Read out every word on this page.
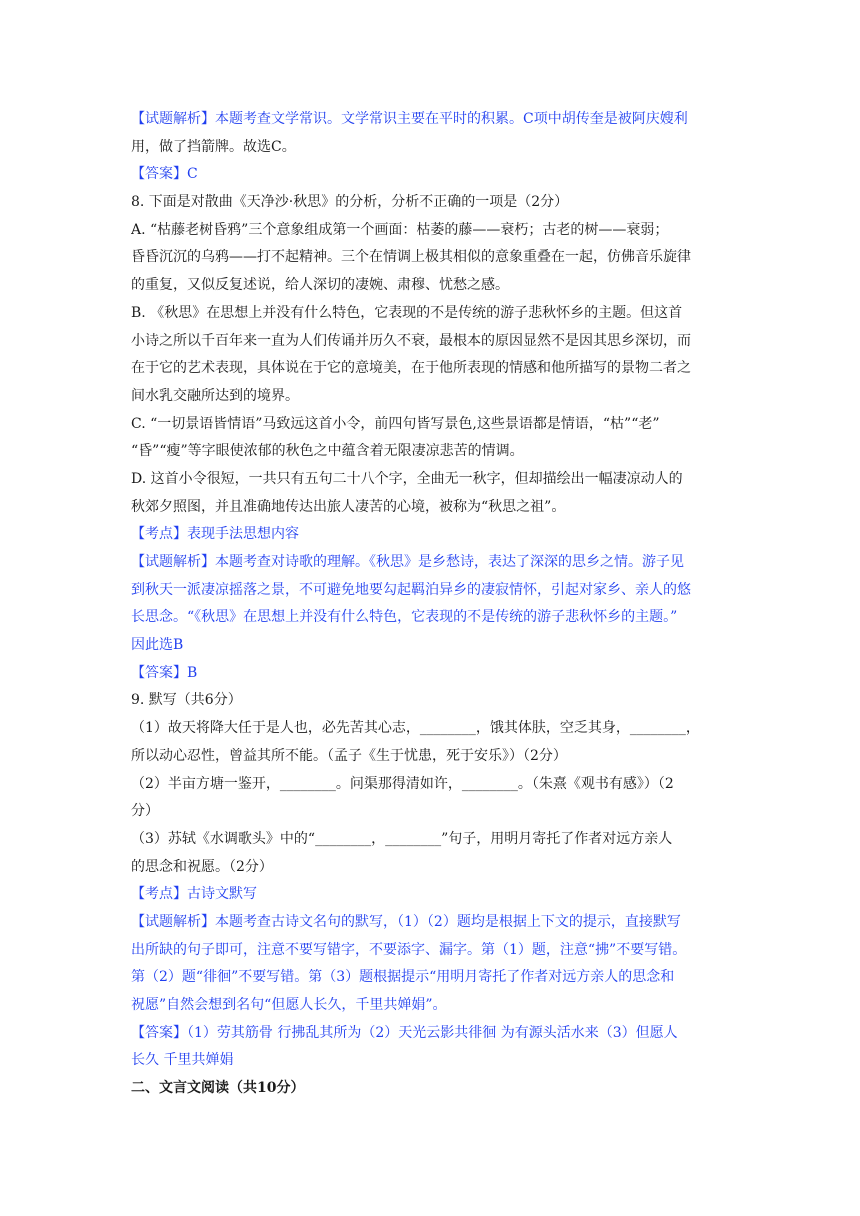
【试题解析】本题考查文学常识。文学常识主要在平时的积累。C项中胡传奎是被阿庆嫂利
用，做了挡箭牌。故选C。
【答案】C
8. 下面是对散曲《天净沙·秋思》的分析，分析不正确的一项是（2分）
A. “枯藤老树昏鸦”三个意象组成第一个画面：枯萎的藤——衰朽；古老的树——衰弱；
昏昏沉沉的乌鸦——打不起精神。三个在情调上极其相似的意象重叠在一起，仿佛音乐旋律
的重复，又似反复述说，给人深切的凄婉、肃穆、忧愁之感。
B. 《秋思》在思想上并没有什么特色，它表现的不是传统的游子悲秋怀乡的主题。但这首
小诗之所以千百年来一直为人们传诵并历久不衰，最根本的原因显然不是因其思乡深切，而
在于它的艺术表现，具体说在于它的意境美，在于他所表现的情感和他所描写的景物二者之
间水乳交融所达到的境界。
C. “一切景语皆情语”马致远这首小令，前四句皆写景色,这些景语都是情语，“枯”“老”
“昏”“瘦”等字眼使浓郁的秋色之中蕴含着无限凄凉悲苦的情调。
D. 这首小令很短，一共只有五句二十八个字，全曲无一秋字，但却描绘出一幅凄凉动人的
秋郊夕照图，并且准确地传达出旅人凄苦的心境，被称为“秋思之祖”。
【考点】表现手法思想内容
【试题解析】本题考查对诗歌的理解。《秋思》是乡愁诗，表达了深深的思乡之情。游子见
到秋天一派凄凉摇落之景，不可避免地要勾起羁泊异乡的凄寂情怀，引起对家乡、亲人的悠
长思念。“《秋思》在思想上并没有什么特色，它表现的不是传统的游子悲秋怀乡的主题。”
因此选B
【答案】B
9. 默写（共6分）
（1）故天将降大任于是人也，必先苦其心志，________，饿其体肤，空乏其身，________，
所以动心忍性，曾益其所不能。（孟子《生于忧患，死于安乐》）（2分）
（2）半亩方塘一鉴开，________。问渠那得清如许，________。（朱熹《观书有感》）（2
分）
（3）苏轼《水调歌头》中的“________，________”句子，用明月寄托了作者对远方亲人
的思念和祝愿。（2分）
【考点】古诗文默写
【试题解析】本题考查古诗文名句的默写，（1）（2）题均是根据上下文的提示，直接默写
出所缺的句子即可，注意不要写错字，不要添字、漏字。第（1）题，注意“拂”不要写错。
第（2）题“徘徊”不要写错。第（3）题根据提示“用明月寄托了作者对远方亲人的思念和
祝愿”自然会想到名句“但愿人长久，千里共婵娟”。
【答案】（1）劳其筋骨 行拂乱其所为（2）天光云影共徘徊 为有源头活水来（3）但愿人
长久 千里共婵娟
二、文言文阅读（共10分）
